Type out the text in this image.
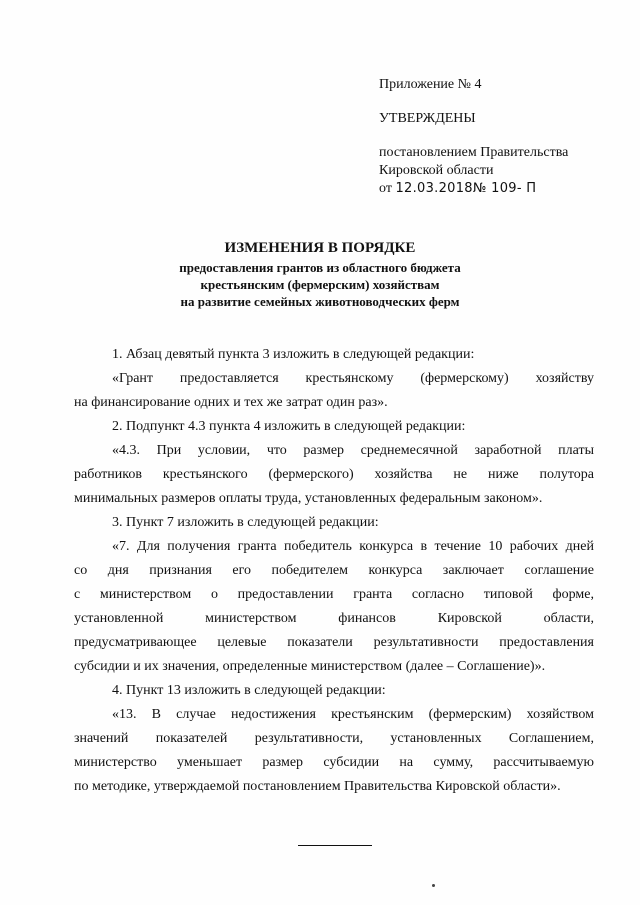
Приложение № 4
УТВЕРЖДЕНЫ
постановлением Правительства
Кировской области
от 12.03.2018№ 109- П
ИЗМЕНЕНИЯ В ПОРЯДКЕ
предоставления грантов из областного бюджета
крестьянским (фермерским) хозяйствам
на развитие семейных животноводческих ферм

1. Абзац девятый пункта 3 изложить в следующей редакции:

«Грант предоставляется крестьянскому (фермерскому) хозяйству

на финансирование одних и тех же затрат один раз».

2. Подпункт 4.3 пункта 4 изложить в следующей редакции:

«4.3. При условии, что размер среднемесячной заработной платы

работников крестьянского (фермерского) хозяйства не ниже полутора

минимальных размеров оплаты труда, установленных федеральным законом».

3. Пункт 7 изложить в следующей редакции:

«7. Для получения гранта победитель конкурса в течение 10 рабочих дней

со дня признания его победителем конкурса заключает соглашение

с министерством о предоставлении гранта согласно типовой форме,

установленной министерством финансов Кировской области,

предусматривающее целевые показатели результативности предоставления

субсидии и их значения, определенные министерством (далее – Соглашение)».

4. Пункт 13 изложить в следующей редакции:

«13. В случае недостижения крестьянским (фермерским) хозяйством

значений показателей результативности, установленных Соглашением,

министерство уменьшает размер субсидии на сумму, рассчитываемую

по методике, утверждаемой постановлением Правительства Кировской области».
